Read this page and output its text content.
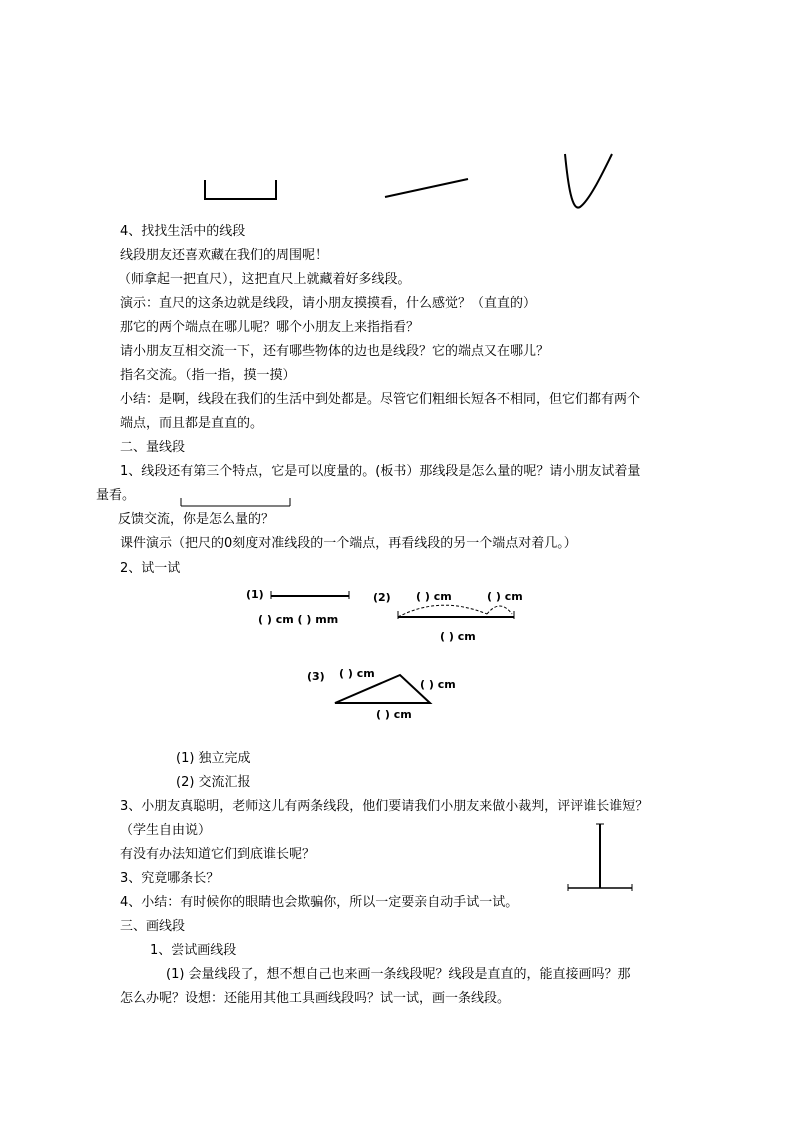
4、找找生活中的线段
线段朋友还喜欢藏在我们的周围呢！
（师拿起一把直尺），这把直尺上就藏着好多线段。
演示：直尺的这条边就是线段，请小朋友摸摸看，什么感觉？（直直的）
那它的两个端点在哪儿呢？哪个小朋友上来指指看？
请小朋友互相交流一下，还有哪些物体的边也是线段？它的端点又在哪儿？
指名交流。（指一指，摸一摸）
小结：是啊，线段在我们的生活中到处都是。尽管它们粗细长短各不相同，但它们都有两个
端点，而且都是直直的。
二、量线段
1、线段还有第三个特点，它是可以度量的。(板书）那线段是怎么量的呢？请小朋友试着量
量看。
反馈交流，你是怎么量的？
课件演示（把尺的0刻度对准线段的一个端点，再看线段的另一个端点对着几。）
2、试一试
(1)
( ) cm ( ) mm
(2) ( ) cm	( ) cm
( ) cm
(3) ( ) cm
( ) cm
( ) cm
(1) 独立完成
(2) 交流汇报
3、小朋友真聪明，老师这儿有两条线段，他们要请我们小朋友来做小裁判，评评谁长谁短？
（学生自由说）
有没有办法知道它们到底谁长呢？
3、究竟哪条长？
4、小结：有时候你的眼睛也会欺骗你，所以一定要亲自动手试一试。
三、画线段
1、尝试画线段
(1) 会量线段了，想不想自己也来画一条线段呢？线段是直直的，能直接画吗？那
怎么办呢？设想：还能用其他工具画线段吗？试一试，画一条线段。
